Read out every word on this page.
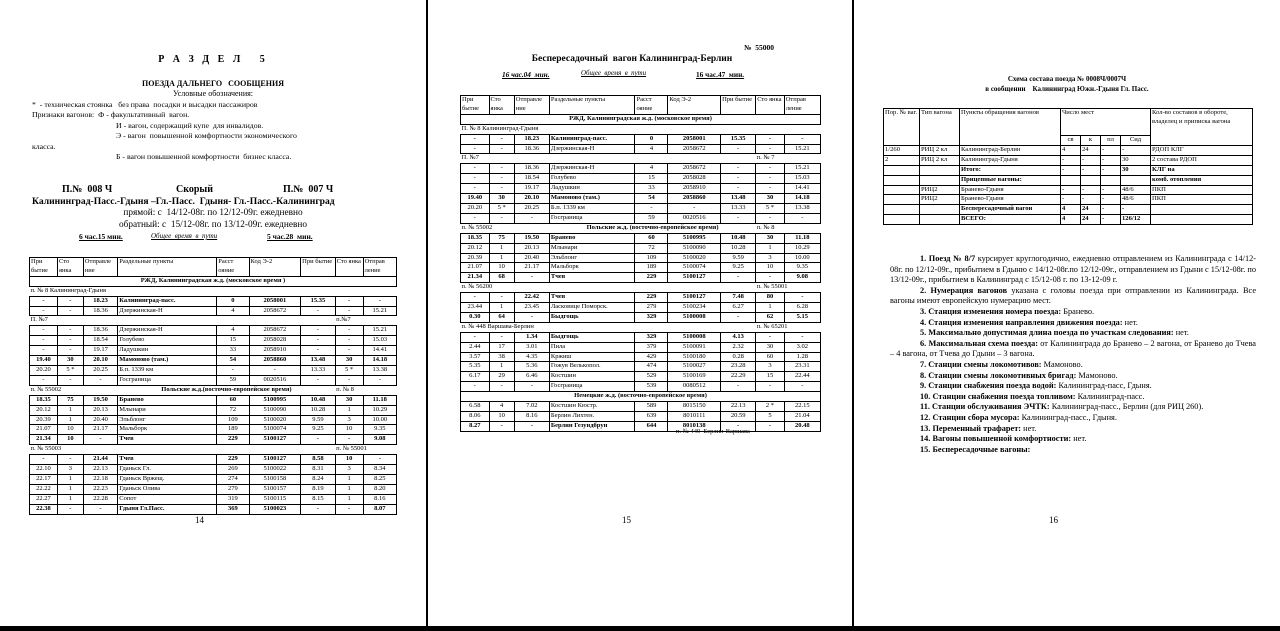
Р А З Д Е Л   5
ПОЕЗДА ДАЛЬНЕГО   СООБЩЕНИЯ
Условные обозначения:
*  - техническая стоянка   без права  посадки и высадки пассажиров
Признаки вагонов:  Ф - факультативный  вагон.
И - вагон, содержащий купе  для инвалидов.
Э - вагон  повышенной комфортности экономического
класса.
Б - вагон повышенной комфортности  бизнес класса.
П.№  008 Ч	Скорый	П.№  007 Ч
Калининград-Пасс.-Гдыня –Гл.-Пасс.  Гдыня- Гл.-Пасс.-Калининград
прямой: с  14/12-08г. по 12/12-09г. ежедневно
обратный: с  15/12-08г. по 13/12-09г. ежедневно
6 час.15 мин.	Общее  время  в  пути	5 час.28  мин.
При бытие	Сто янка	Отправле ние	Раздельные пункты	Расст ояние	Код Э-2	При бытие	Сто янка	Отправ ление
РЖД, Калининградская ж.д. (московское время )								
п. № 8 Калининград-Гдыня								
-	-	18.23	Калининград-пасс.	0	2058001	15.35	-	-
-	-	18.36	Дзержинская-Н	4	2058672	-	-	15.21
П. №7							п.№7	
-	-	18.36	Дзержинская-Н	4	2058672	-	-	15.21
-	-	18.54	Голубево	15	2058028	-	-	15.03
-	-	19.17	Ладушкин	33	2058910	-	-	14.41
19.40	30	20.10	Мамоново (там.)	54	2058860	13.48	30	14.18
20.20	5 *	20.25	Б.п. 1339 км	-	-	13.33	5 *	13.38
-	-	-	Госграница	59	0020516	-	-	-
п. № 55002			Польские ж.д.(восточно-европейское время)				п. № 8	
18.35	75	19.50	Бранево	60	5100995	10.48	30	11.18
20.12	1	20.13	Млынари	72	5100090	10.28	1	10.29
20.39	1	20.40	Эльблонг	109	5100020	9.59	3	10.00
21.07	10	21.17	Мальборк	189	5100074	9.25	10	9.35
21.34	10	-	Тчев	229	5100127	-	-	9.08
п. № 55003							п. № 55001	
-	-	21.44	Тчев	229	5100127	8.58	10	-
22.10	3	22.13	Гданьск Гл.	269	5100022	8.31	3	8.34
22.17	1	22.18	Гданьск Вржещ.	274	5100158	8.24	1	8.25
22.22	1	22.23	Гданьск Олива	279	5100157	8.19	1	8.20
22.27	1	22.28	Сопот	319	5100115	8.15	1	8.16
22.38	-	-	Гдыня Гл.Пасс.	369	5100023	-	-	8.07
14
№  55000
Беспересадочный  вагон Калининград-Берлин
16 час.04  мин.	Общее  время  в  пути	16 час.47  мин.
При бытие	Сто янка	Отправле ние	Раздельные пункты	Расст ояние	Код Э-2	При бытие	Сто янка	Отправ ление
РЖД, Калининградская ж.д. (московское время)								
П. № 8 Калининград-Гдыня								
-	-	18.23	Калининград-пасс.	0	2058001	15.35	-	-
-	-	18.36	Дзержинская-Н	4	2058672	-	-	15.21
П. №7							п. № 7	
-	-	18.36	Дзержинская-Н	4	2058672	-	-	15.21
-	-	18.54	Голубево	15	2058028	-	-	15.03
-	-	19.17	Ладушкин	33	2058910	-	-	14.41
19.40	30	20.10	Мамоново (там.)	54	2058860	13.48	30	14.18
20.20	5 *	20.25	Б.п. 1339 км	-	-	13.33	5 *	13.38
-	-	-	Госграница	59	0020516	-	-	-
п. № 55002			Польские ж.д. (восточно-европейское время)				п. № 8	
18.35	75	19.50	Бранево	60	5100995	10.48	30	11.18
20.12	1	20.13	Млынари	72	5100090	10.28	1	10.29
20.39	1	20.40	Эльблонг	109	5100020	9.59	3	10.00
21.07	10	21.17	Мальборк	189	5100074	9.25	10	9.35
21.34	68	-	Тчев	229	5100127	-	-	9.08
п. № 56200							п. № 55001	
-	-	22.42	Тчев	229	5100127	7.48	80	-
23.44	1	23.45	Ласковице Поморск.	279	5100234	6.27	1	6.28
0.30	64	-	Быдгощь	329	5100008	-	62	5.15
п. № 448 Варшава-Берлин							п. № 65201	
-	-	1.34	Быдгощь	329	5100008	4.13	-	-
2.44	17	3.01	Пила	379	5100091	2.32	30	3.02
3.57	38	4.35	Кржиш	429	5100180	0.28	60	1.28
5.35	1	5.36	Гожув Велькопол.	474	5100027	23.28	3	23.31
6.17	29	6.46	Костшин	529	5100169	22.29	15	22.44
-	-	-	Госграница	539	0080512	-	-	-
Немецкие ж.д. (восточно-европейское время)								
6.58	4	7.02	Костшин Кюстр.	589	8015150	22.13	2 *	22.15
8.06	10	8.16	Берлин Лихтен.	639	8010111	20.59	5	21.04
8.27	-	-	Берлин Гезундбрун	644	8010138	-	-	20.48
п. № 449  Берлин-Варшава
15
Схема состава поезда № 0008Ч/0007Ч
в сообщении    Калининград Южн.-Гдыня Гл. Пасс.
Пор. № ваг.	Тип вагона	Пункты обращения вагонов	Число мест				Кол-во составов в обороте, владелец и приписка вагона
			св	к	пл	Сид	
1/260	РИЦ 2 кл	Калининград-Берлин	4	24	-	-	РДОП КЛГ
2	РИЦ 2 кл	Калининград-Гдыня	-	-	-	30	2 состава РДОП
		Итого:	-	-	-	30	КЛГ на
		Прицепные вагоны:					комб. отопления
	РИЦ2	Бранево-Гдыня	-	-	-	48/6	ПКП
	РИЦ2	Бранево-Гдыня	-	-	-	48/6	ПКП
		Беспересадочный вагон	4	24	-	-	
		ВСЕГО:	4	24	-	126/12	

1. Поезд № 8/7 курсирует круглогодично, ежедневно отправлением из Калининграда с 14/12-08г. по 12/12-09г., прибытием в Гдыню с 14/12-08г.по 12/12-09г., отправлением из Гдыни с 15/12-08г. по 13/12-09г., прибытием в Калининград с 15/12-08 г. по 13-12-09 г.

2. Нумерация вагонов указана с головы поезда при отправлении из Калининграда. Все вагоны имеют европейскую нумерацию мест.

3. Станция изменения номера поезда: Бранево.

4. Станция изменения направления движения поезда: нет.

5. Максимально допустимая длина поезда по участкам следования: нет.

6. Максимальная схема поезда: от Калининграда до Бранево – 2 вагона, от Бранево до Тчева – 4 вагона, от Тчева до Гдыни – 3 вагона.

7. Станции смены локомотивов: Мамоново.

8. Станции смены локомотивных бригад: Мамоново.

9. Станции снабжения поезда водой: Калининград-пасс, Гдыня.

10. Станции снабжения поезда топливом: Калининград-пасс.

11. Станции обслуживания ЭЧТК: Калининград-пасс., Берлин (для РИЦ 260).

12. Станции сбора мусора: Калининград-пасс., Гдыня.

13. Переменный трафарет: нет.

14. Вагоны повышенной комфортности: нет.

15. Беспересадочные вагоны:

16
